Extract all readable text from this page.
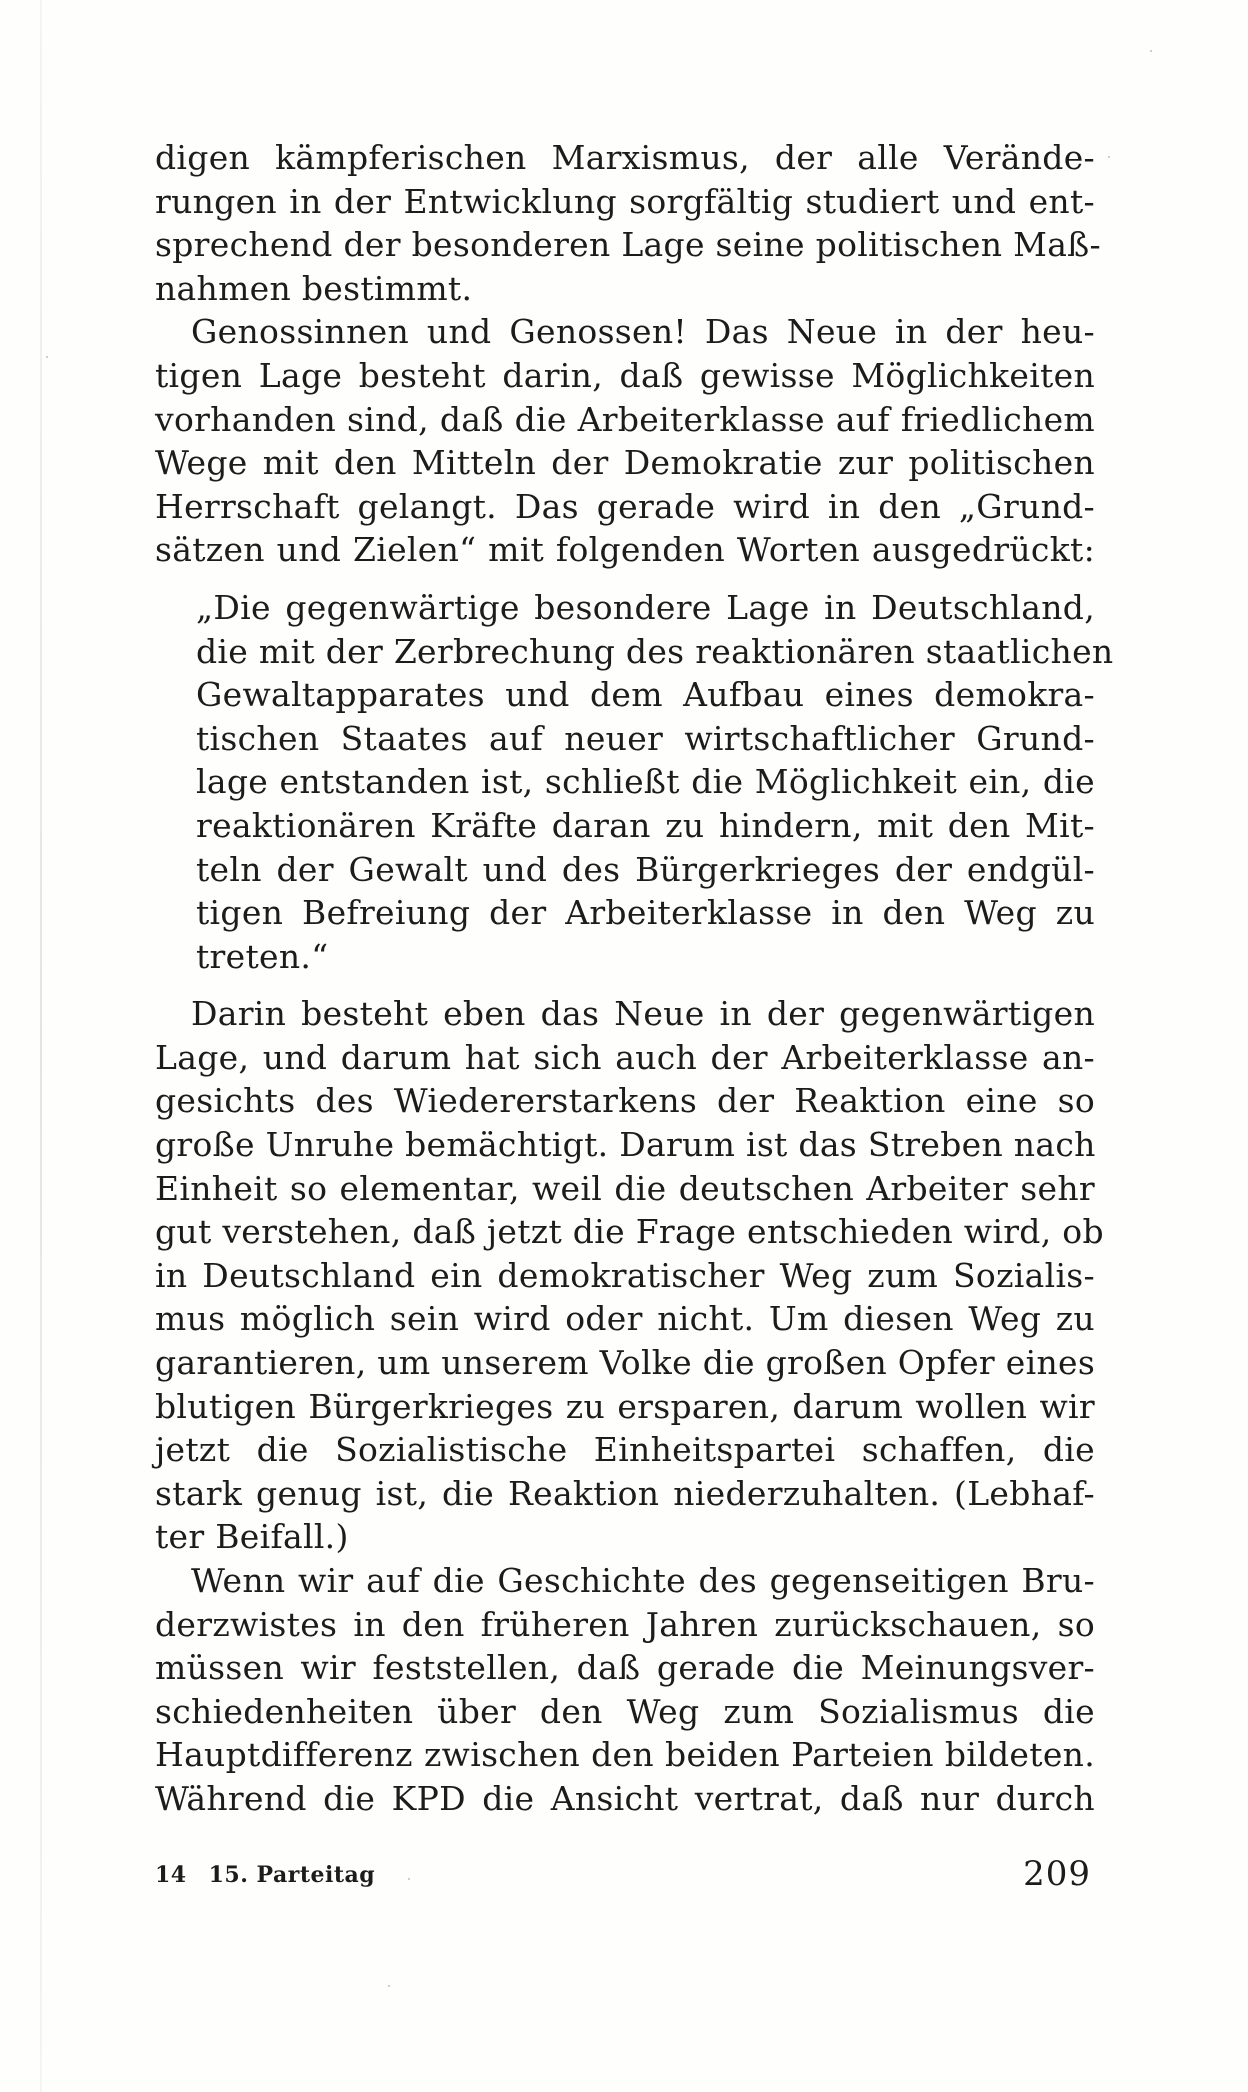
digen kämpferischen Marxismus, der alle Verände-
rungen in der Entwicklung sorgfältig studiert und ent-
sprechend der besonderen Lage seine politischen Maß-
nahmen bestimmt.
Genossinnen und Genossen! Das Neue in der heu-
tigen Lage besteht darin, daß gewisse Möglichkeiten
vorhanden sind, daß die Arbeiterklasse auf friedlichem
Wege mit den Mitteln der Demokratie zur politischen
Herrschaft gelangt. Das gerade wird in den „Grund-
sätzen und Zielen“ mit folgenden Worten ausgedrückt:
„Die gegenwärtige besondere Lage in Deutschland,
die mit der Zerbrechung des reaktionären staatlichen
Gewaltapparates und dem Aufbau eines demokra-
tischen Staates auf neuer wirtschaftlicher Grund-
lage entstanden ist, schließt die Möglichkeit ein, die
reaktionären Kräfte daran zu hindern, mit den Mit-
teln der Gewalt und des Bürgerkrieges der endgül-
tigen Befreiung der Arbeiterklasse in den Weg zu
treten.“
Darin besteht eben das Neue in der gegenwärtigen
Lage, und darum hat sich auch der Arbeiterklasse an-
gesichts des Wiedererstarkens der Reaktion eine so
große Unruhe bemächtigt. Darum ist das Streben nach
Einheit so elementar, weil die deutschen Arbeiter sehr
gut verstehen, daß jetzt die Frage entschieden wird, ob
in Deutschland ein demokratischer Weg zum Sozialis-
mus möglich sein wird oder nicht. Um diesen Weg zu
garantieren, um unserem Volke die großen Opfer eines
blutigen Bürgerkrieges zu ersparen, darum wollen wir
jetzt die Sozialistische Einheitspartei schaffen, die
stark genug ist, die Reaktion niederzuhalten. (Lebhaf-
ter Beifall.)
Wenn wir auf die Geschichte des gegenseitigen Bru-
derzwistes in den früheren Jahren zurückschauen, so
müssen wir feststellen, daß gerade die Meinungsver-
schiedenheiten über den Weg zum Sozialismus die
Hauptdifferenz zwischen den beiden Parteien bildeten.
Während die KPD die Ansicht vertrat, daß nur durch
14 15. Parteitag	209
